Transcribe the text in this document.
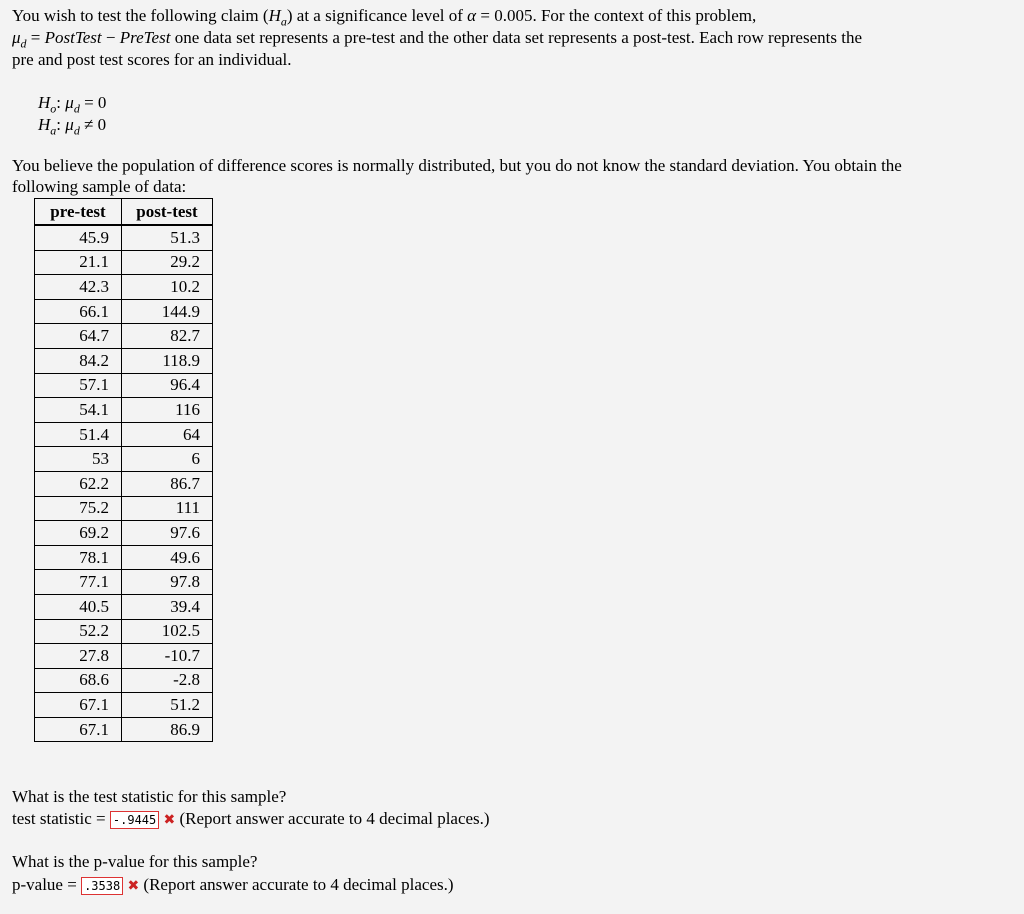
You wish to test the following claim $(H_a)$ at a significance level of α = 0.005. For the context of this problem,
$\mu_d$ = PostTest − PreTest one data set represents a pre-test and the other data set represents a post-test. Each row represents the
pre and post test scores for an individual.
$H_o$: $\mu_d = 0$
$H_a$: $\mu_d \ne 0$
You believe the population of difference scores is normally distributed, but you do not know the standard deviation. You obtain the
following sample of data:
pre-test	post-test
45.9	51.3
21.1	29.2
42.3	10.2
66.1	144.9
64.7	82.7
84.2	118.9
57.1	96.4
54.1	116
51.4	64
53	6
62.2	86.7
75.2	111
69.2	97.6
78.1	49.6
77.1	97.8
40.5	39.4
52.2	102.5
27.8	-10.7
68.6	-2.8
67.1	51.2
67.1	86.9
What is the test statistic for this sample?
test statistic = -.9445 ✖ (Report answer accurate to 4 decimal places.)
What is the p-value for this sample?
p-value = .3538 ✖ (Report answer accurate to 4 decimal places.)
